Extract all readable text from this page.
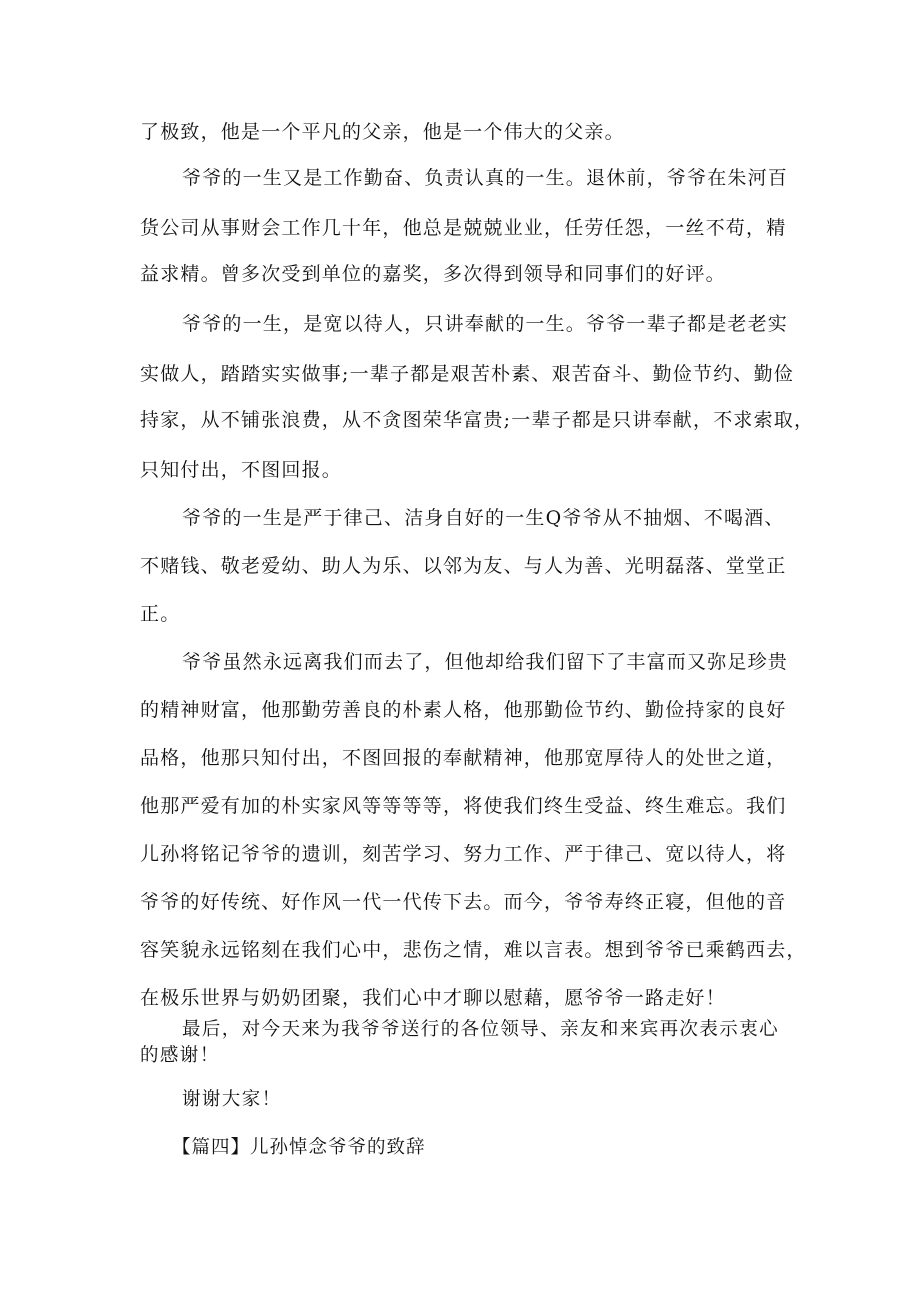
了极致，他是一个平凡的父亲，他是一个伟大的父亲。
爷爷的一生又是工作勤奋、负责认真的一生。退休前，爷爷在朱河百
货公司从事财会工作几十年，他总是兢兢业业，任劳任怨，一丝不苟，精
益求精。曾多次受到单位的嘉奖，多次得到领导和同事们的好评。
爷爷的一生，是宽以待人，只讲奉献的一生。爷爷一辈子都是老老实
实做人，踏踏实实做事;一辈子都是艰苦朴素、艰苦奋斗、勤俭节约、勤俭
持家，从不铺张浪费，从不贪图荣华富贵;一辈子都是只讲奉献，不求索取，
只知付出，不图回报。
爷爷的一生是严于律己、洁身自好的一生Q爷爷从不抽烟、不喝酒、
不赌钱、敬老爱幼、助人为乐、以邻为友、与人为善、光明磊落、堂堂正
正。
爷爷虽然永远离我们而去了，但他却给我们留下了丰富而又弥足珍贵
的精神财富，他那勤劳善良的朴素人格，他那勤俭节约、勤俭持家的良好
品格，他那只知付出，不图回报的奉献精神，他那宽厚待人的处世之道，
他那严爱有加的朴实家风等等等等，将使我们终生受益、终生难忘。我们
儿孙将铭记爷爷的遗训，刻苦学习、努力工作、严于律己、宽以待人，将
爷爷的好传统、好作风一代一代传下去。而今，爷爷寿终正寝，但他的音
容笑貌永远铭刻在我们心中，悲伤之情，难以言表。想到爷爷已乘鹤西去，
在极乐世界与奶奶团聚，我们心中才聊以慰藉，愿爷爷一路走好！
最后，对今天来为我爷爷送行的各位领导、亲友和来宾再次表示衷心
的感谢！
谢谢大家！
【篇四】儿孙悼念爷爷的致辞
